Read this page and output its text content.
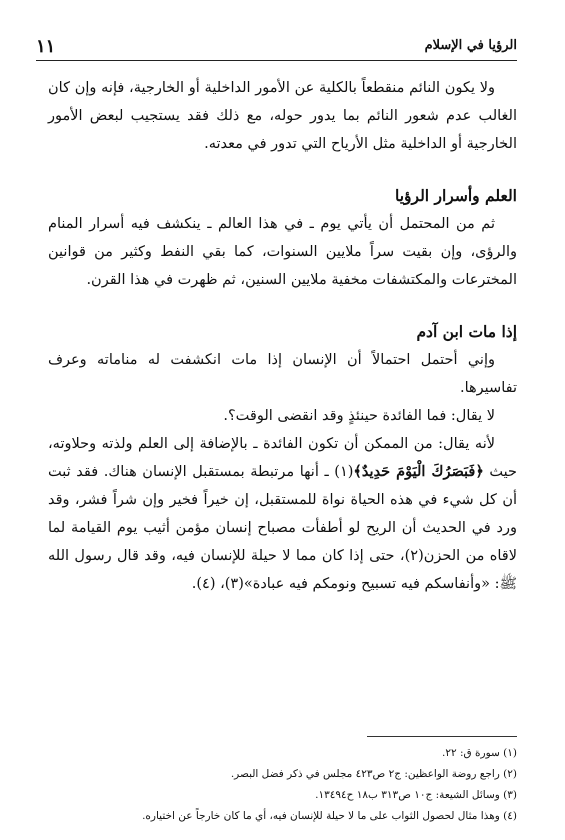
الرؤيا في الإسلام
١١

ولا يكون النائم منقطعاً بالكلية عن الأمور الداخلية أو الخارجية، فإنه وإن كان الغالب عدم شعور النائم بما يدور حوله، مع ذلك فقد يستجيب لبعض الأمور الخارجية أو الداخلية مثل الأرياح التي تدور في معدته.

العلم وأسرار الرؤيا

ثم من المحتمل أن يأتي يوم ـ في هذا العالم ـ ينكشف فيه أسرار المنام والرؤى، وإن بقيت سراً ملايين السنوات، كما بقي النفط وكثير من قوانين المخترعات والمكتشفات مخفية ملايين السنين، ثم ظهرت في هذا القرن.

إذا مات ابن آدم

وإني أحتمل احتمالاً أن الإنسان إذا مات انكشفت له مناماته وعرف تفاسيرها.

لا يقال: فما الفائدة حينئذٍ وقد انقضى الوقت؟.

لأنه يقال: من الممكن أن تكون الفائدة ـ بالإضافة إلى العلم ولذته وحلاوته، حيث ﴿فَبَصَرُكَ الْيَوْمَ حَدِيدٌ﴾(١) ـ أنها مرتبطة بمستقبل الإنسان هناك. فقد ثبت أن كل شيء في هذه الحياة نواة للمستقبل، إن خيراً فخير وإن شراً فشر، وقد ورد في الحديث أن الريح لو أطفأت مصباح إنسان مؤمن أثيب يوم القيامة لما لاقاه من الحزن(٢)، حتى إذا كان مما لا حيلة للإنسان فيه، وقد قال رسول الله ﷺ: «وأنفاسكم فيه تسبيح ونومكم فيه عبادة»(٣)، (٤).

(١) سورة ق: ٢٢.

(٢) راجع روضة الواعظين: ج٢ ص٤٢٣ مجلس في ذكر فضل البصر.

(٣) وسائل الشيعة: ج١٠ ص٣١٣ ب١٨ ح١٣٤٩٤.

(٤) وهذا مثال لحصول الثواب على ما لا حيلة للإنسان فيه، أي ما كان خارجاً عن اختياره.
